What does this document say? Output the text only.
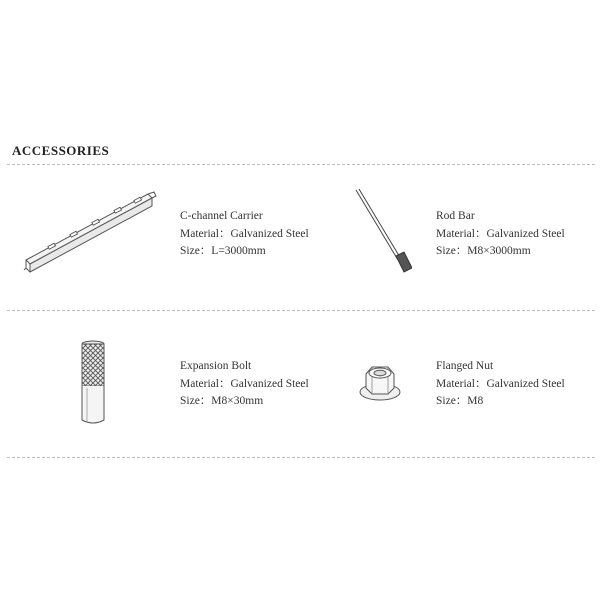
ACCESSORIES
C-channel Carrier
Material：Galvanized Steel
Size：L=3000mm
Rod Bar
Material：Galvanized Steel
Size：M8×3000mm
Expansion Bolt
Material：Galvanized Steel
Size：M8×30mm
Flanged Nut
Material：Galvanized Steel
Size：M8
